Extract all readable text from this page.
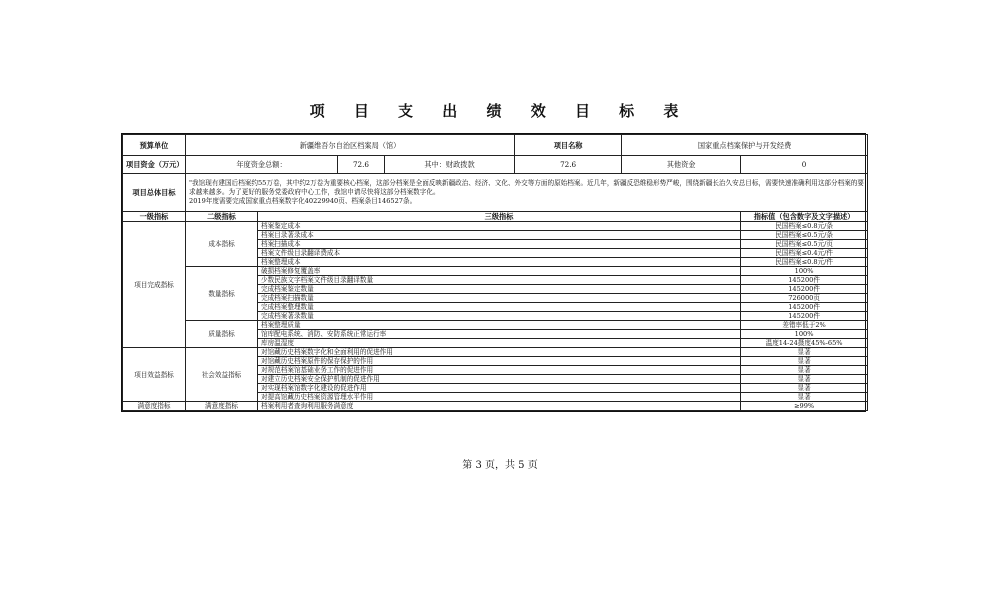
项 目 支 出 绩 效 目 标 表
预算单位	新疆维吾尔自治区档案局（馆）				项目名称	国家重点档案保护与开发经费	
项目资金（万元）	年度资金总额：		72.6	其中：财政拨款	72.6	其他资金	0
项目总体目标	"我馆现有建国后档案约55万卷，其中约2万卷为重要核心档案，这部分档案是全面反映新疆政治、经济、文化、外交等方面的原始档案。近几年，新疆反恐维稳形势严峻，围绕新疆长治久安总目标，需要快速准确利用这部分档案的要求越来越多。为了更好的服务党委政府中心工作，我馆申请尽快将这部分档案数字化。

2019年度需要完成国家重点档案数字化40229940页、档案条目146527条。						

一级指标	二级指标	三级指标					指标值（包含数字及文字描述）
项目完成指标	成本指标	档案鉴定成本					民国档案≤0.8元/条
		档案目录著录成本					民国档案≤0.5元/条
		档案扫描成本					民国档案≤0.5元/页
		档案文件级目录翻译费成本					民国档案≤0.4元/件
		档案整理成本					民国档案≤0.8元/件
	数量指标	破损档案修复覆盖率					100%
		少数民族文字档案文件级目录翻译数量					145200件
		完成档案鉴定数量					145200件
		完成档案扫描数量					726000页
		完成档案整理数量					145200件
		完成档案著录数量					145200件
	质量指标	档案整理质量					差错率低于2%
		馆库配电系统、消防、安防系统正常运行率					100%
		库房温湿度					温度14-24摄度45%-65%
项目效益指标	社会效益指标	对馆藏历史档案数字化和全面利用的促进作用					显著
		对馆藏历史档案原件的保存保护的作用					显著
		对规范档案馆基础业务工作的促进作用					显著
		对建立历史档案安全保护机制的促进作用					显著
		对实现档案馆数字化建设的促进作用					显著
		对提高馆藏历史档案资源管理水平作用					显著
满意度指标	满意度指标	档案利用者查询利用服务满意度					≥99%
第 3 页，共 5 页
